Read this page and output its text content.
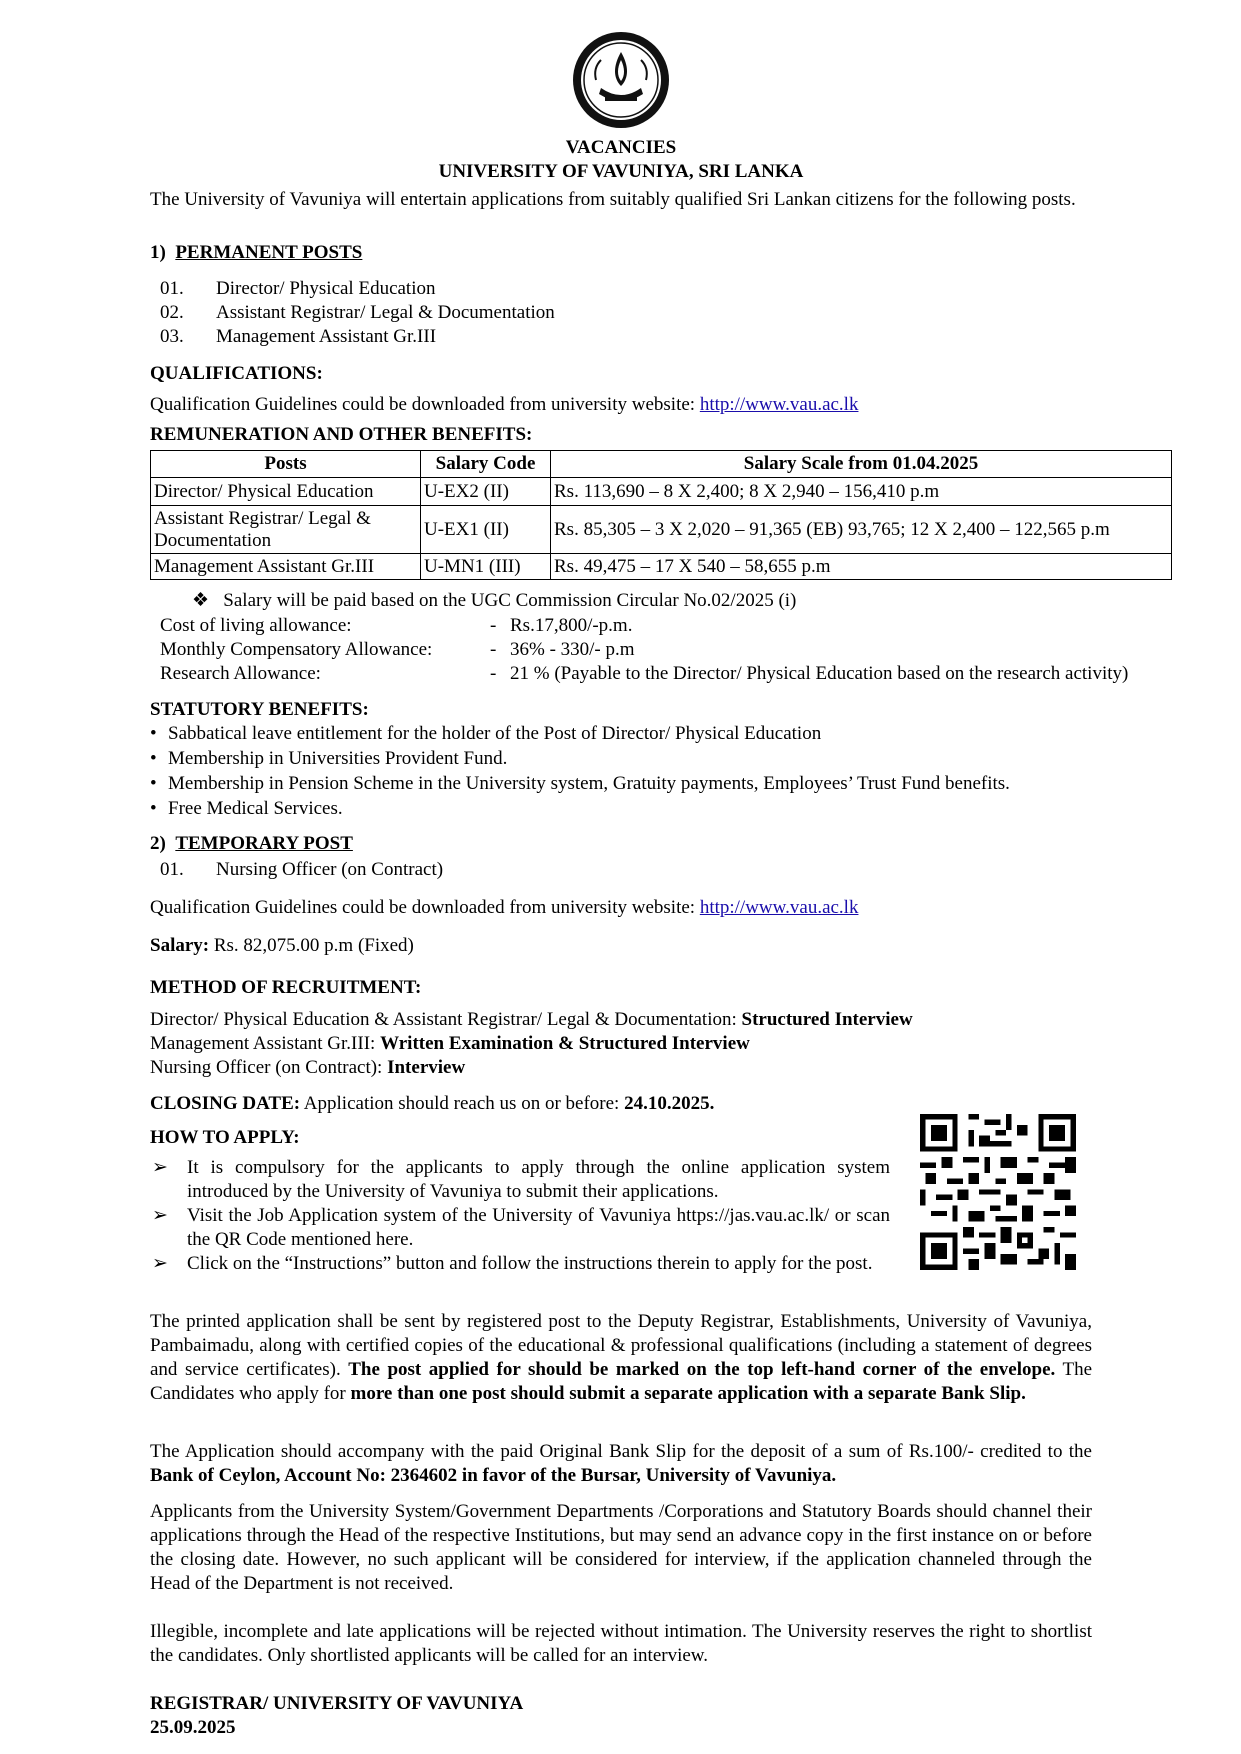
VACANCIES
UNIVERSITY OF VAVUNIYA, SRI LANKA
The University of Vavuniya will entertain applications from suitably qualified Sri Lankan citizens for the following posts.
1) PERMANENT POSTS
01. Director/ Physical Education
02. Assistant Registrar/ Legal & Documentation
03. Management Assistant Gr.III
QUALIFICATIONS:
Qualification Guidelines could be downloaded from university website: http://www.vau.ac.lk
REMUNERATION AND OTHER BENEFITS:
Posts	Salary Code	Salary Scale from 01.04.2025
Director/ Physical Education	U-EX2 (II)	Rs. 113,690 – 8 X 2,400; 8 X 2,940 – 156,410 p.m
Assistant Registrar/ Legal & Documentation	U-EX1 (II)	Rs. 85,305 – 3 X 2,020 – 91,365 (EB) 93,765; 12 X 2,400 – 122,565 p.m
Management Assistant Gr.III	U-MN1 (III)	Rs. 49,475 – 17 X 540 – 58,655 p.m
❖ Salary will be paid based on the UGC Commission Circular No.02/2025 (i)
Cost of living allowance:	- Rs.17,800/-p.m.
Monthly Compensatory Allowance:	- 36% - 330/- p.m
Research Allowance:	- 21 % (Payable to the Director/ Physical Education based on the research activity)
STATUTORY BENEFITS:
• Sabbatical leave entitlement for the holder of the Post of Director/ Physical Education
• Membership in Universities Provident Fund.
• Membership in Pension Scheme in the University system, Gratuity payments, Employees’ Trust Fund benefits.
• Free Medical Services.
2) TEMPORARY POST
01. Nursing Officer (on Contract)
Qualification Guidelines could be downloaded from university website: http://www.vau.ac.lk
Salary: Rs. 82,075.00 p.m (Fixed)
METHOD OF RECRUITMENT:
Director/ Physical Education & Assistant Registrar/ Legal & Documentation: Structured Interview
Management Assistant Gr.III: Written Examination & Structured Interview
Nursing Officer (on Contract): Interview
CLOSING DATE: Application should reach us on or before: 24.10.2025.
HOW TO APPLY:
➢ It is compulsory for the applicants to apply through the online application system introduced by the University of Vavuniya to submit their applications.
➢ Visit the Job Application system of the University of Vavuniya https://jas.vau.ac.lk/ or scan the QR Code mentioned here.
➢ Click on the “Instructions” button and follow the instructions therein to apply for the post.
The printed application shall be sent by registered post to the Deputy Registrar, Establishments, University of Vavuniya, Pambaimadu, along with certified copies of the educational & professional qualifications (including a statement of degrees and service certificates). The post applied for should be marked on the top left-hand corner of the envelope. The Candidates who apply for more than one post should submit a separate application with a separate Bank Slip.
The Application should accompany with the paid Original Bank Slip for the deposit of a sum of Rs.100/- credited to the Bank of Ceylon, Account No: 2364602 in favor of the Bursar, University of Vavuniya.
Applicants from the University System/Government Departments /Corporations and Statutory Boards should channel their applications through the Head of the respective Institutions, but may send an advance copy in the first instance on or before the closing date. However, no such applicant will be considered for interview, if the application channeled through the Head of the Department is not received.
Illegible, incomplete and late applications will be rejected without intimation. The University reserves the right to shortlist the candidates. Only shortlisted applicants will be called for an interview.
REGISTRAR/ UNIVERSITY OF VAVUNIYA
25.09.2025
